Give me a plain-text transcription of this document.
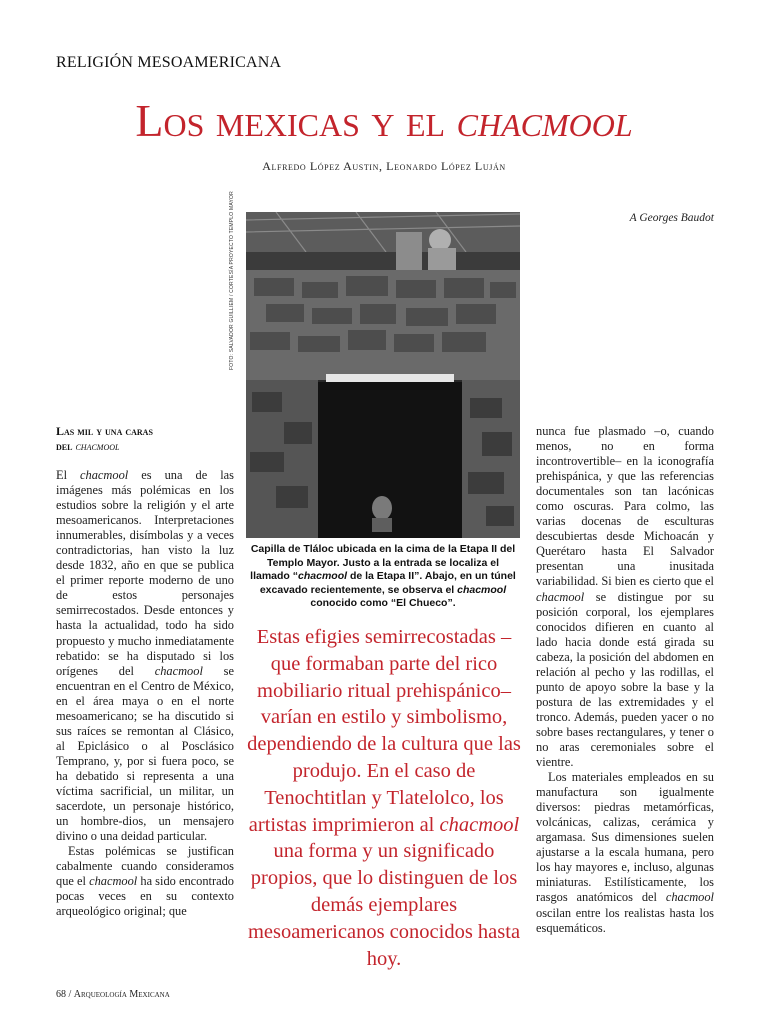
RELIGIÓN MESOAMERICANA
Los mexicas y el chacmool
Alfredo López Austin, Leonardo López Luján
A Georges Baudot
Las mil y una caras
del chacmool

El chacmool es una de las imágenes más polémicas en los estudios sobre la religión y el arte mesoamericanos. Interpretaciones innumerables, disímbolas y a veces contradictorias, han visto la luz desde 1832, año en que se publica el primer reporte moderno de uno de estos personajes semirrecostados. Desde entonces y hasta la actualidad, todo ha sido propuesto y mucho inmediatamente rebatido: se ha disputado si los orígenes del chacmool se encuentran en el Centro de México, en el área maya o en el norte mesoamericano; se ha discutido si sus raíces se remontan al Clásico, al Epiclásico o al Posclásico Temprano, y, por si fuera poco, se ha debatido si representa a una víctima sacrificial, un militar, un sacerdote, un personaje histórico, un hombre-dios, un mensajero divino o una deidad particular.

Estas polémicas se justifican cabalmente cuando consideramos que el chacmool ha sido encontrado pocas veces en su contexto arqueológico original; que

FOTO: SALVADOR GUILLIEM / CORTESÍA PROYECTO TEMPLO MAYOR
Capilla de Tláloc ubicada en la cima de la Etapa II del Templo Mayor. Justo a la entrada se localiza el llamado “chacmool de la Etapa II”. Abajo, en un túnel excavado recientemente, se observa el chacmool conocido como “El Chueco”.
Estas efigies semirrecostadas –que formaban parte del rico mobiliario ritual prehispánico– varían en estilo y simbolismo, dependiendo de la cultura que las produjo. En el caso de Tenochtitlan y Tlatelolco, los artistas imprimieron al chacmool una forma y un significado propios, que lo distinguen de los demás ejemplares mesoamericanos conocidos hasta hoy.

nunca fue plasmado –o, cuando menos, no en forma incontrovertible– en la iconografía prehispánica, y que las referencias documentales son tan lacónicas como oscuras. Para colmo, las varias docenas de esculturas descubiertas desde Michoacán y Querétaro hasta El Salvador presentan una inusitada variabilidad. Si bien es cierto que el chacmool se distingue por su posición corporal, los ejemplares conocidos difieren en cuanto al lado hacia donde está girada su cabeza, la posición del abdomen en relación al pecho y las rodillas, el punto de apoyo sobre la base y la postura de las extremidades y el tronco. Además, pueden yacer o no sobre bases rectangulares, y tener o no aras ceremoniales sobre el vientre.

Los materiales empleados en su manufactura son igualmente diversos: piedras metamórficas, volcánicas, calizas, cerámica y argamasa. Sus dimensiones suelen ajustarse a la escala humana, pero los hay mayores e, incluso, algunas miniaturas. Estilísticamente, los rasgos anatómicos del chacmool oscilan entre los realistas hasta los esquemáticos.

68 / Arqueología Mexicana
